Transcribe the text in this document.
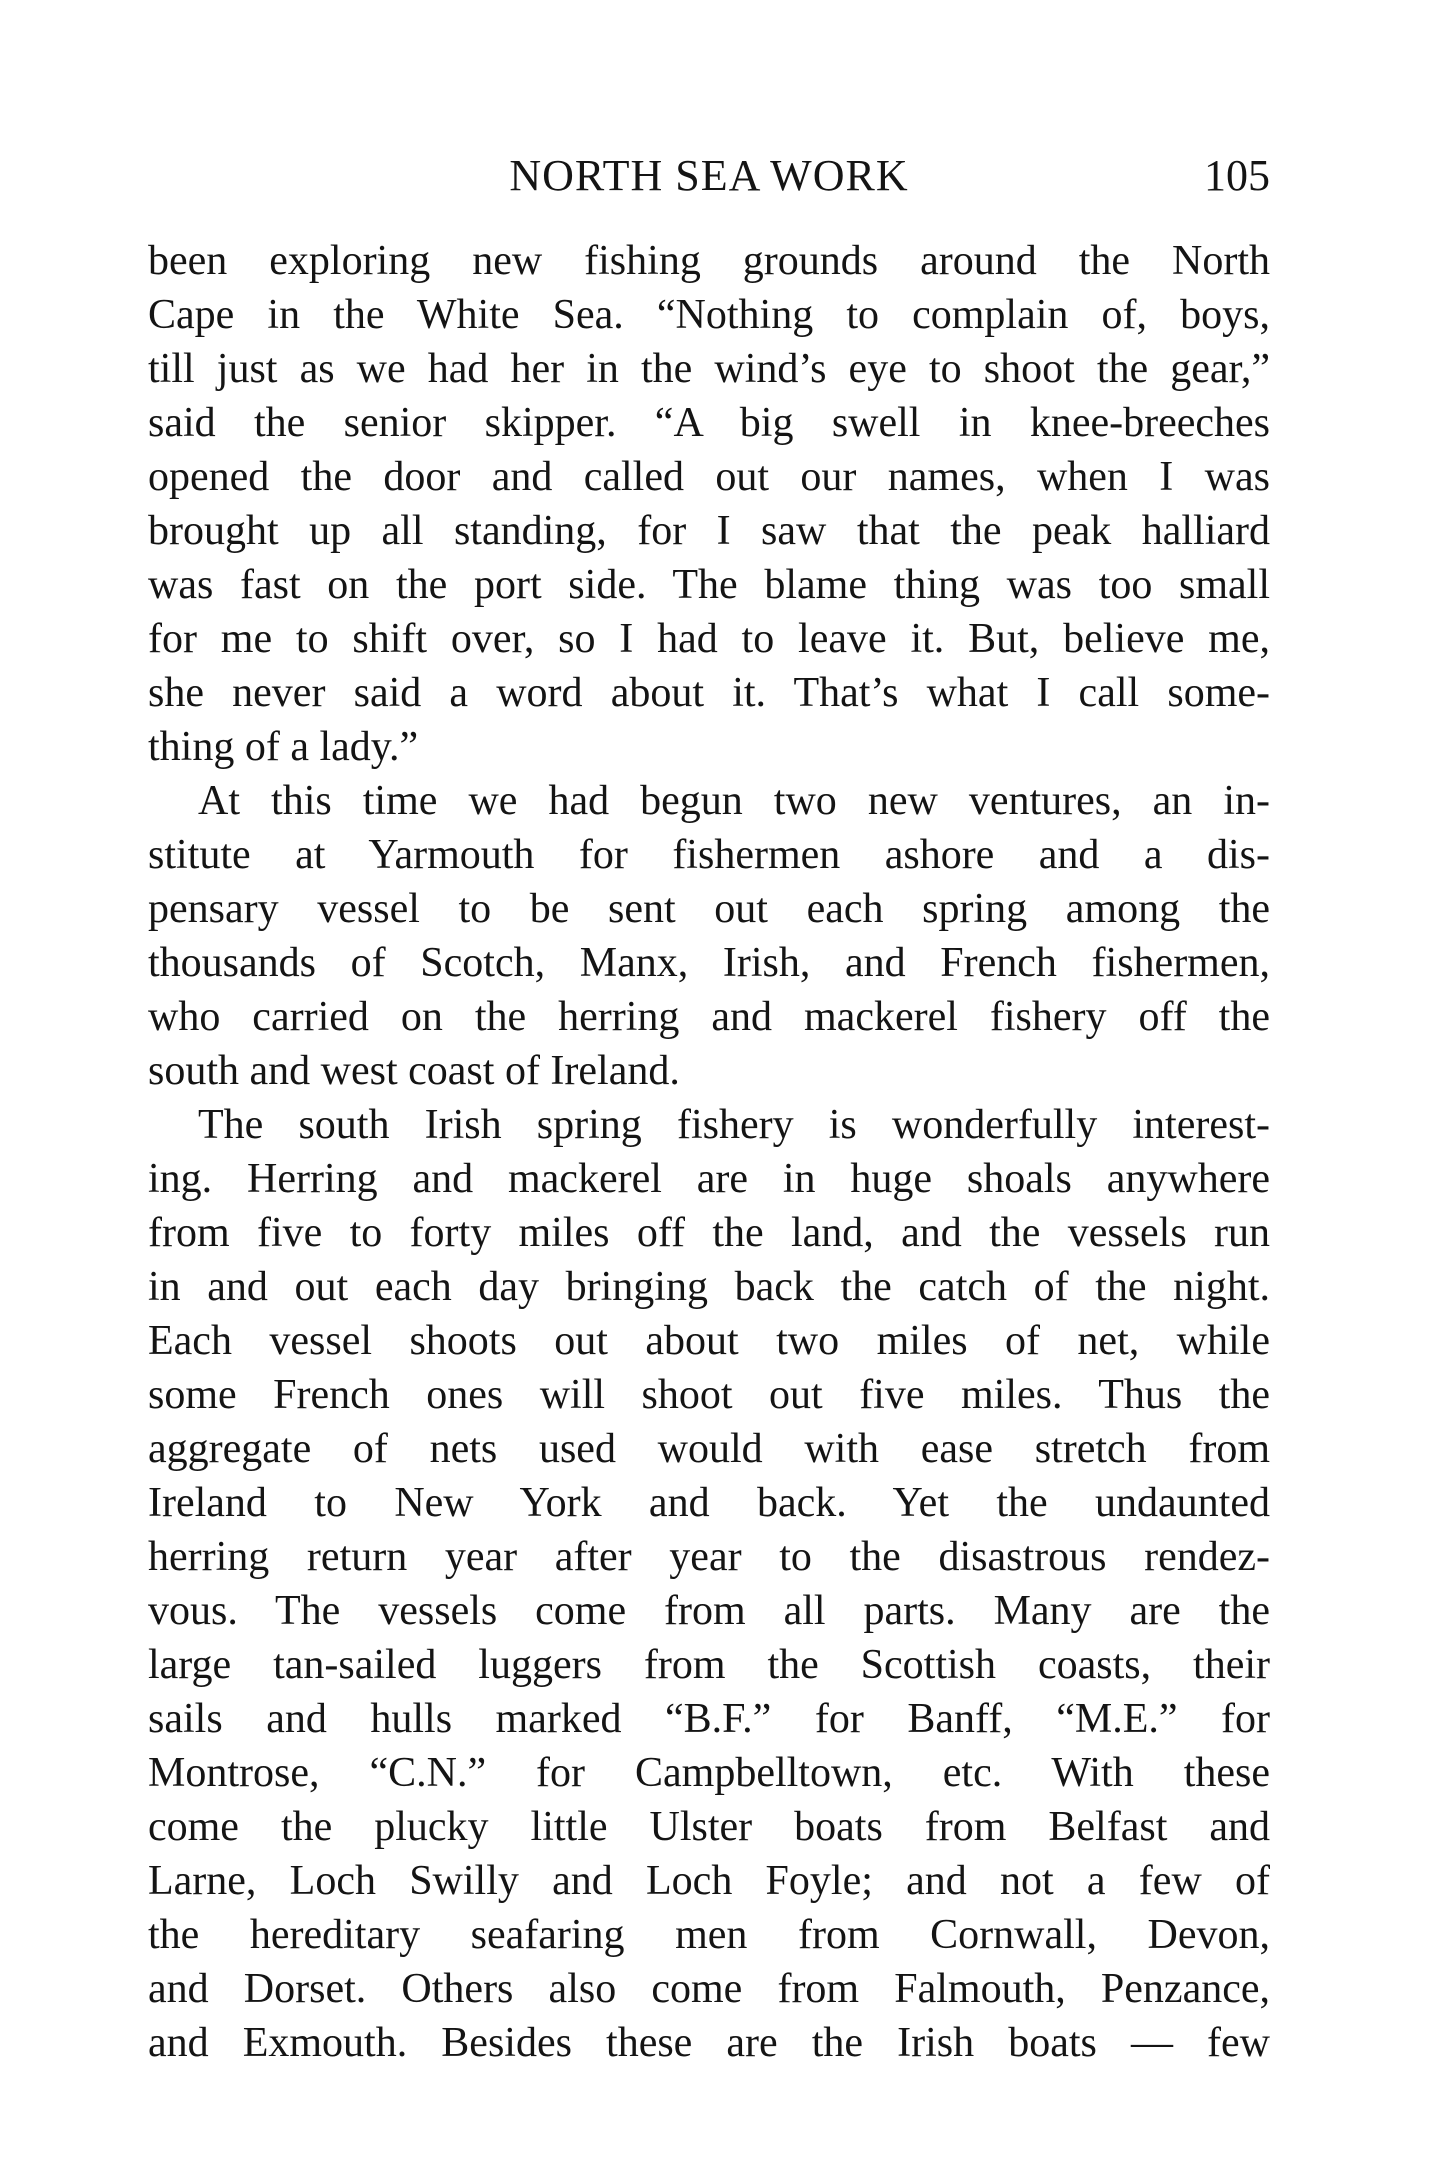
NORTH SEA WORK	105
been exploring new fishing grounds around the North
Cape in the White Sea. “Nothing to complain of, boys,
till just as we had her in the wind’s eye to shoot the gear,”
said the senior skipper. “A big swell in knee-breeches
opened the door and called out our names, when I was
brought up all standing, for I saw that the peak halliard
was fast on the port side. The blame thing was too small
for me to shift over, so I had to leave it. But, believe me,
she never said a word about it. That’s what I call some-
thing of a lady.”
At this time we had begun two new ventures, an in-
stitute at Yarmouth for fishermen ashore and a dis-
pensary vessel to be sent out each spring among the
thousands of Scotch, Manx, Irish, and French fishermen,
who carried on the herring and mackerel fishery off the
south and west coast of Ireland.
The south Irish spring fishery is wonderfully interest-
ing. Herring and mackerel are in huge shoals anywhere
from five to forty miles off the land, and the vessels run
in and out each day bringing back the catch of the night.
Each vessel shoots out about two miles of net, while
some French ones will shoot out five miles. Thus the
aggregate of nets used would with ease stretch from
Ireland to New York and back. Yet the undaunted
herring return year after year to the disastrous rendez-
vous. The vessels come from all parts. Many are the
large tan-sailed luggers from the Scottish coasts, their
sails and hulls marked “B.F.” for Banff, “M.E.” for
Montrose, “C.N.” for Campbelltown, etc. With these
come the plucky little Ulster boats from Belfast and
Larne, Loch Swilly and Loch Foyle; and not a few of
the hereditary seafaring men from Cornwall, Devon,
and Dorset. Others also come from Falmouth, Penzance,
and Exmouth. Besides these are the Irish boats — few
